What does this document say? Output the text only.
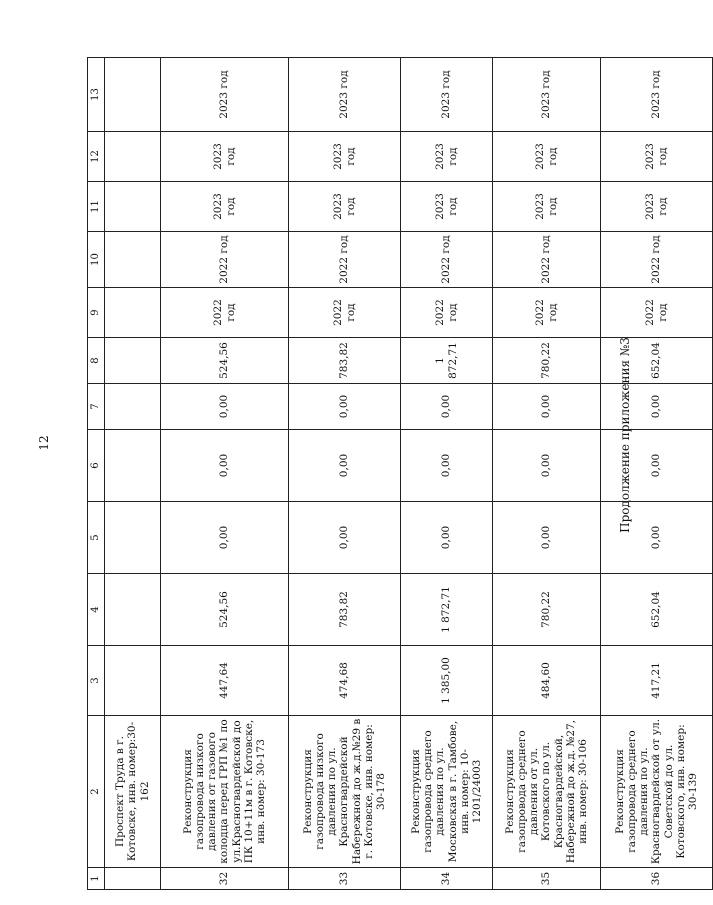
12	Продолжение приложения №3
1	2	3	4	5	6	7	8	9	10	11	12	13
	Проспект Труда в г. Котовске, инв. номер:30-162											
32	Реконструкция газопровода низкого давления от газового колодца перед ГРП №1 по ул.Красногвардейской до ПК 10+11м в г. Котовске, инв. номер: 30-173	447,64	524,56	0,00	0,00	0,00	524,56	2022 год	2022 год	2023 год	2023 год	2023 год
33	Реконструкция газопровода низкого давления по ул. Красногвардейской Набережной до ж.д.№29 в г. Котовске, инв. номер: 30-178	474,68	783,82	0,00	0,00	0,00	783,82	2022 год	2022 год	2023 год	2023 год	2023 год
34	Реконструкция газопровода среднего давления по ул. Московская в г. Тамбове, инв. номер: 10-1201/24003	1 385,00	1 872,71	0,00	0,00	0,00	1 872,71	2022 год	2022 год	2023 год	2023 год	2023 год
35	Реконструкция газопровода среднего давления от ул. Котовского по ул. Красногвардейской, Набережной до ж.д. №27, инв. номер: 30-106	484,60	780,22	0,00	0,00	0,00	780,22	2022 год	2022 год	2023 год	2023 год	2023 год
36	Реконструкция газопровода среднего давления по ул. Красногвардейской от ул. Советской до ул. Котовского, инв. номер: 30-139	417,21	652,04	0,00	0,00	0,00	652,04	2022 год	2022 год	2023 год	2023 год	2023 год
